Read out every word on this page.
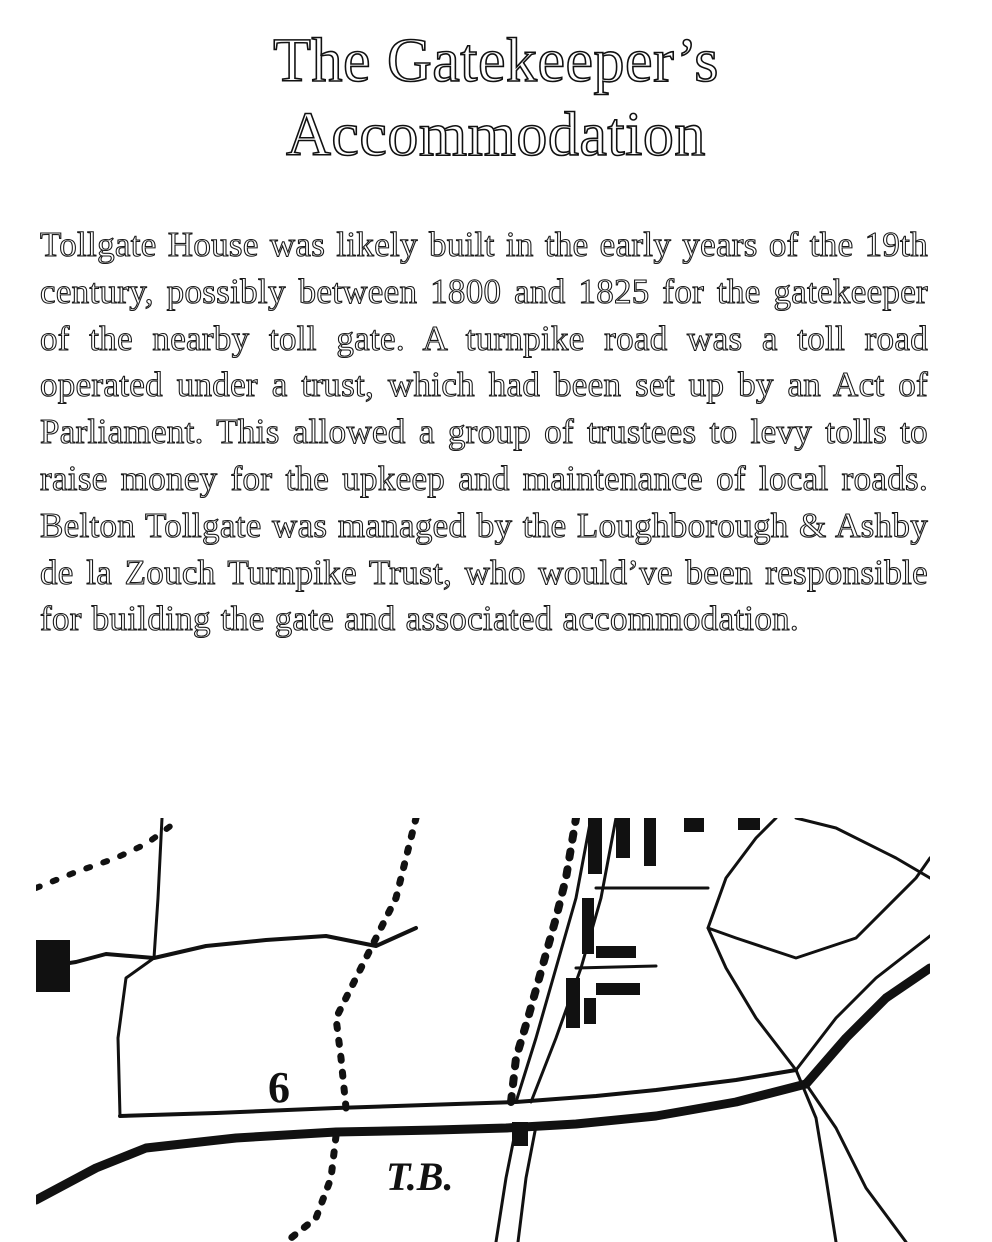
The Gatekeeper’s
Accommodation

Tollgate House was likely built in the early years of the 19th century, possibly between 1800 and 1825 for the gatekeeper of the nearby toll gate. A turnpike road was a toll road operated under a trust, which had been set up by an Act of Parliament. This allowed a group of trustees to levy tolls to raise money for the upkeep and maintenance of local roads. Belton Tollgate was managed by the Loughborough & Ashby de la Zouch Turnpike Trust, who would’ve been responsible for building the gate and associated accommodation.

6
T.B.
